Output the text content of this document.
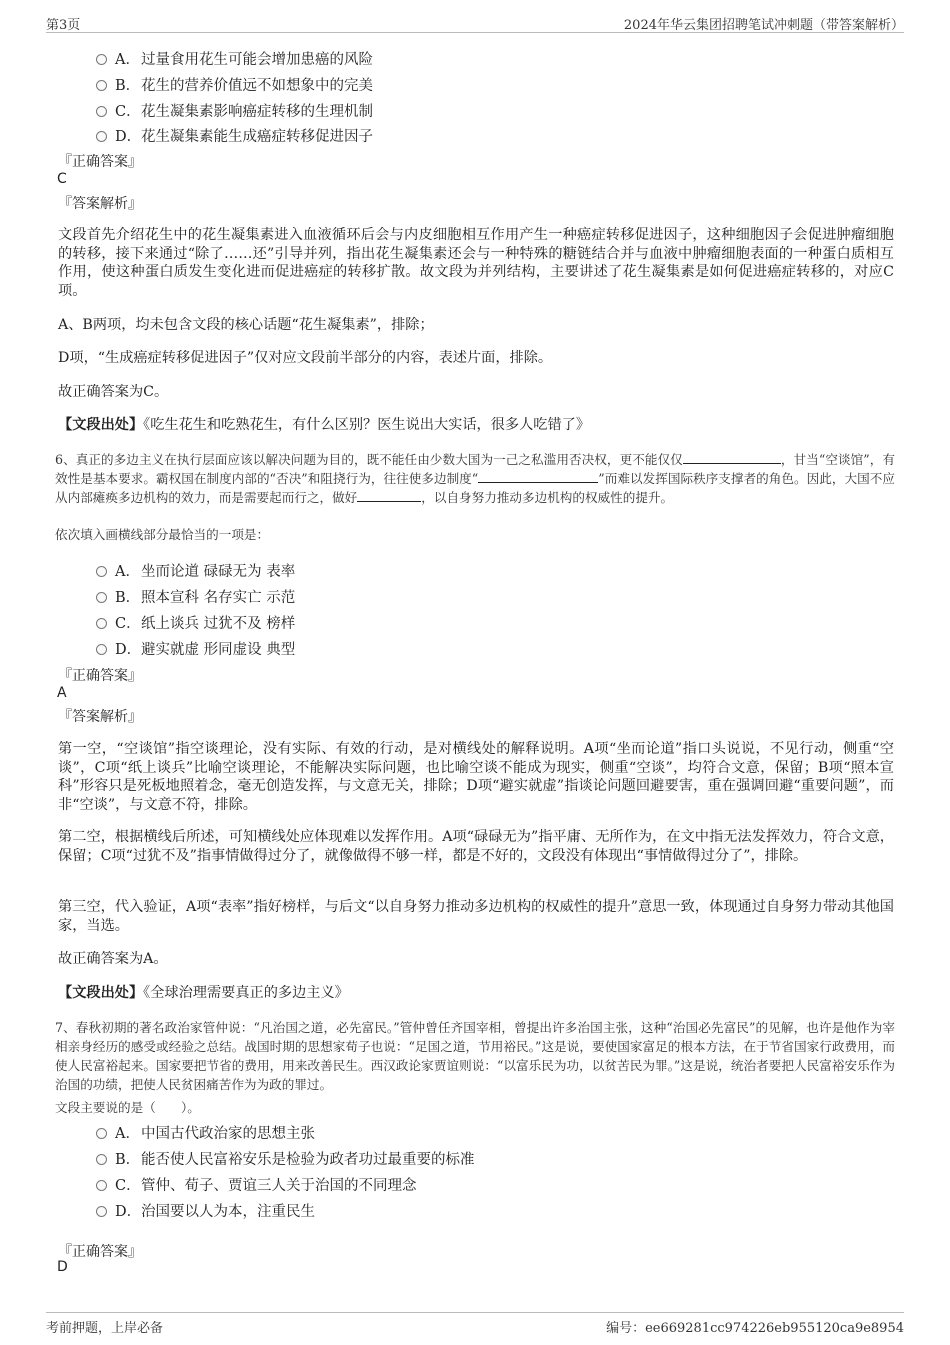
第3页	2024年华云集团招聘笔试冲刺题（带答案解析）
A．过量食用花生可能会增加患癌的风险
B．花生的营养价值远不如想象中的完美
C．花生凝集素影响癌症转移的生理机制
D．花生凝集素能生成癌症转移促进因子
『正确答案』
C
『答案解析』
文段首先介绍花生中的花生凝集素进入血液循环后会与内皮细胞相互作用产生一种癌症转移促进因子，这种细胞因子会促进肿瘤细胞的转移，接下来通过“除了……还”引导并列，指出花生凝集素还会与一种特殊的糖链结合并与血液中肿瘤细胞表面的一种蛋白质相互作用，使这种蛋白质发生变化进而促进癌症的转移扩散。故文段为并列结构，主要讲述了花生凝集素是如何促进癌症转移的，对应C项。
A、B两项，均未包含文段的核心话题“花生凝集素”，排除；
D项，“生成癌症转移促进因子”仅对应文段前半部分的内容，表述片面，排除。
故正确答案为C。
【文段出处】《吃生花生和吃熟花生，有什么区别？医生说出大实话，很多人吃错了》
6、真正的多边主义在执行层面应该以解决问题为目的，既不能任由少数大国为一己之私滥用否决权，更不能仅仅	，甘当“空谈馆”，有效性是基本要求。霸权国在制度内部的“否决”和阻挠行为，往往使多边制度“	”而难以发挥国际秩序支撑者的角色。因此，大国不应从内部瘫痪多边机构的效力，而是需要起而行之，做好	，以自身努力推动多边机构的权威性的提升。
依次填入画横线部分最恰当的一项是：
A．坐而论道 碌碌无为 表率
B．照本宣科 名存实亡 示范
C．纸上谈兵 过犹不及 榜样
D．避实就虚 形同虚设 典型
『正确答案』
A
『答案解析』
第一空，“空谈馆”指空谈理论，没有实际、有效的行动，是对横线处的解释说明。A项“坐而论道”指口头说说，不见行动，侧重“空谈”，C项“纸上谈兵”比喻空谈理论，不能解决实际问题，也比喻空谈不能成为现实，侧重“空谈”，均符合文意，保留；B项“照本宣科”形容只是死板地照着念，毫无创造发挥，与文意无关，排除；D项“避实就虚”指谈论问题回避要害，重在强调回避“重要问题”，而非“空谈”，与文意不符，排除。
第二空，根据横线后所述，可知横线处应体现难以发挥作用。A项“碌碌无为”指平庸、无所作为，在文中指无法发挥效力，符合文意，保留；C项“过犹不及”指事情做得过分了，就像做得不够一样，都是不好的，文段没有体现出“事情做得过分了”，排除。
第三空，代入验证，A项“表率”指好榜样，与后文“以自身努力推动多边机构的权威性的提升”意思一致，体现通过自身努力带动其他国家，当选。
故正确答案为A。
【文段出处】《全球治理需要真正的多边主义》
7、春秋初期的著名政治家管仲说：“凡治国之道，必先富民。”管仲曾任齐国宰相，曾提出许多治国主张，这种“治国必先富民”的见解，也许是他作为宰相亲身经历的感受或经验之总结。战国时期的思想家荀子也说：“足国之道，节用裕民。”这是说，要使国家富足的根本方法，在于节省国家行政费用，而使人民富裕起来。国家要把节省的费用，用来改善民生。西汉政论家贾谊则说：“以富乐民为功，以贫苦民为罪。”这是说，统治者要把人民富裕安乐作为治国的功绩，把使人民贫困痛苦作为为政的罪过。
文段主要说的是（　　）。
A．中国古代政治家的思想主张
B．能否使人民富裕安乐是检验为政者功过最重要的标准
C．管仲、荀子、贾谊三人关于治国的不同理念
D．治国要以人为本，注重民生
『正确答案』
D
考前押题，上岸必备	编号：ee669281cc974226eb955120ca9e8954
